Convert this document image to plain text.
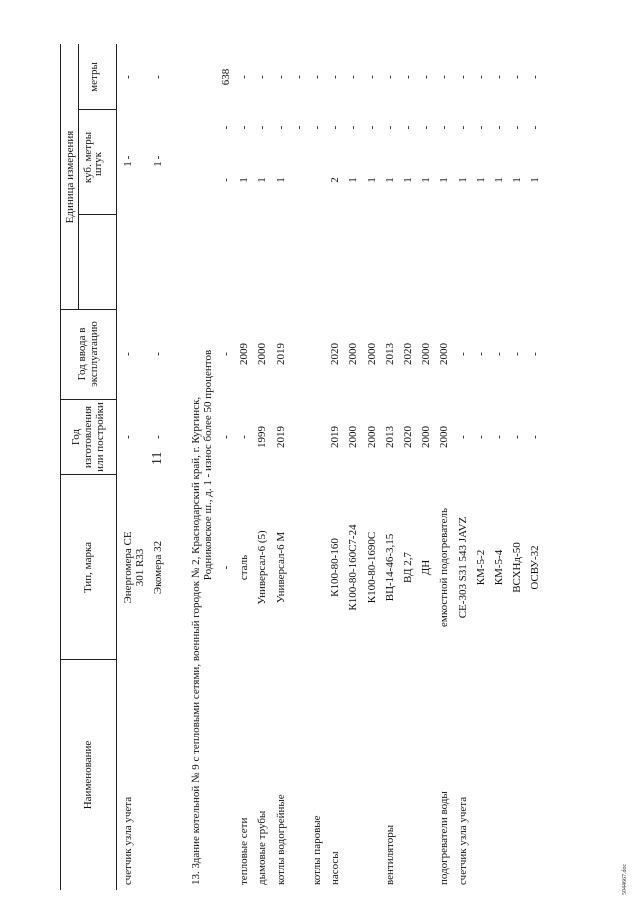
11
Наименование
Тип, марка
Год изготовления или постройки
Год ввода в эксплуатацию
Единица измерения штук
куб. метры
метры
счетчик узла учета
Энергомера СЕ 301 R33
-
-
1
-
-
Экомера 32
-
-
1
-
-
13. Здание котельной № 9 с тепловыми сетями, военный городок № 2, Краснодарский край, г. Кургинск, Родниковское ш., д. 1 - износ более 50 процентов -
-
-
-
-
638
тепловые сети
сталь
-
2009
1
-
-
дымовые трубы
Универсал-6 (5)
1999
2000
1
-
-
котлы водогрейные
Универсал-6 М
2019
2019
1
-
-
-
-
котлы паровые
-
-
насосы
К100-80-160
2019
2020
2
-
-
К100-80-160С7-24
2000
2000
1
-
-
К100-80-1690С
2000
2000
1
-
-
вентиляторы
ВЦ-14-46-3,15
2013
2013
1
-
-
ВД 2,7
2020
2020
1
-
-
ДН
2000
2000
1
-
-
подогреватели воды
емкостной подогреватель
2000
2000
1
-
-
счетчик узла учета
СЕ-303 S31 543 JAVZ
-
-
1
-
-
КМ-5-2
-
-
1
-
-
КМ-5-4
-
-
1
-
-
ВСХНд-50
-
-
1
-
-
ОСВУ-32
-
-
1
-
-
5044667.doc
